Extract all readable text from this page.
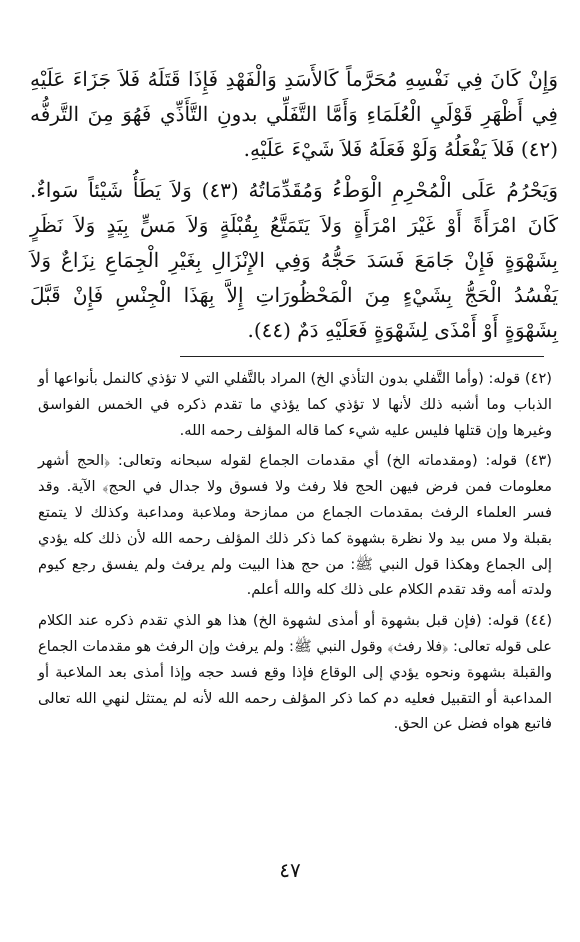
وَإِنْ كَانَ فِي نَفْسِهِ مُحَرَّماً كَالأَسَدِ وَالْفَهْدِ فَإِذَا قَتَلَهُ فَلاَ جَزَاءَ عَلَيْهِ فِي أَظْهَرِ قَوْلَيِ الْعُلَمَاءِ وَأَمَّا التَّفَلِّي بدونِ التَّأَذِّي فَهُوَ مِنَ التَّرفُّه ‎(٤٢)‏ فَلاَ يَفْعَلُهُ وَلَوْ فَعَلَهُ فَلاَ شَيْءَ عَلَيْهِ.

وَيَحْرُمُ عَلَى الْمُحْرِمِ الْوَطْءُ وَمُقَدِّمَاتُهُ ‎(٤٣)‏ وَلاَ يَطَأُ شَيْئاً سَواءٌ. كَانَ امْرَأَةً أَوْ غَيْرَ امْرَأَةٍ وَلاَ يَتَمَتَّعُ بِقُبْلَةٍ وَلاَ مَسٍّ بِيَدٍ وَلاَ نَظَرٍ بِشَهْوَةٍ فَإِنْ جَامَعَ فَسَدَ حَجُّهُ وَفِي الإِنْزَالِ بِغَيْرِ الْجِمَاعِ نِزَاعٌ وَلاَ يَفْسُدُ الْحَجُّ بِشَيْءٍ مِنَ الْمَحْظُورَاتِ إِلاَّ بِهَذَا الْجِنْسِ فَإِنْ قَبَّلَ بِشَهْوَةٍ أَوْ أَمْذَى لِشَهْوَةٍ فَعَلَيْهِ دَمٌ ‎(٤٤)‏.

(٤٢) قوله: (وأما التَّفلي بدون التأذي الخ) المراد بالتَّفلي التي لا تؤذي كالنمل بأنواعها أو الذباب وما أشبه ذلك لأنها لا تؤذي كما يؤذي ما تقدم ذكره في الخمس الفواسق وغيرها وإن قتلها فليس عليه شيء كما قاله المؤلف رحمه الله.

(٤٣) قوله: (ومقدماته الخ) أي مقدمات الجماع لقوله سبحانه وتعالى: ﴿الحج أشهر معلومات فمن فرض فيهن الحج فلا رفث ولا فسوق ولا جدال في الحج﴾ الآية. وقد فسر العلماء الرفث بمقدمات الجماع من ممازحة وملاعبة ومداعبة وكذلك لا يتمتع بقبلة ولا مس بيد ولا نظرة بشهوة كما ذكر ذلك المؤلف رحمه الله لأن ذلك كله يؤدي إلى الجماع وهكذا قول النبي ﷺ: من حج هذا البيت ولم يرفث ولم يفسق رجع كيوم ولدته أمه وقد تقدم الكلام على ذلك كله والله أعلم.

(٤٤) قوله: (فإن قبل بشهوة أو أمذى لشهوة الخ) هذا هو الذي تقدم ذكره عند الكلام على قوله تعالى: ﴿فلا رفث﴾ وقول النبي ﷺ: ولم يرفث وإن الرفث هو مقدمات الجماع والقبلة بشهوة ونحوه يؤدي إلى الوقاع فإذا وقع فسد حجه وإذا أمذى بعد الملاعبة أو المداعبة أو التقبيل فعليه دم كما ذكر المؤلف رحمه الله لأنه لم يمتثل لنهي الله تعالى فاتبع هواه فضل عن الحق.

٤٧
